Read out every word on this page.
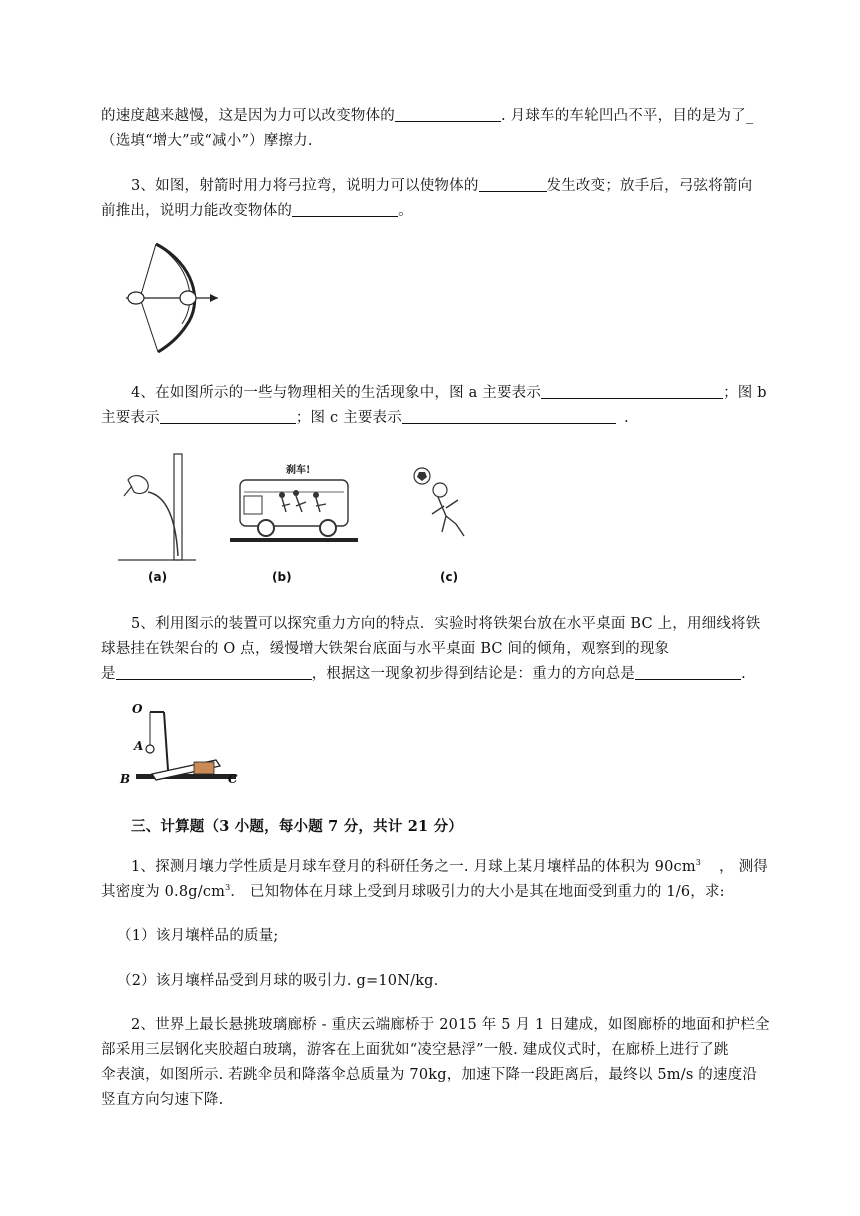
的速度越来越慢，这是因为力可以改变物体的	. 月球车的车轮凹凸不平，目的是为了_
（选填“增大”或“减小”）摩擦力.
3、如图，射箭时用力将弓拉弯，说明力可以使物体的	发生改变；放手后，弓弦将箭向
前推出，说明力能改变物体的	。
4、在如图所示的一些与物理相关的生活现象中，图 a 主要表示	；图 b
主要表示	；图 c 主要表示	.
刹车!
(a)	(b)	(c)
5、利用图示的装置可以探究重力方向的特点．实验时将铁架台放在水平桌面 BC 上，用细线将铁
球悬挂在铁架台的 O 点，缓慢增大铁架台底面与水平桌面 BC 间的倾角，观察到的现象
是	，根据这一现象初步得到结论是：重力的方向总是	.
O
A
B	C
三、计算题（3 小题，每小题 7 分，共计 21 分）
1、探测月壤力学性质是月球车登月的科研任务之一. 月球上某月壤样品的体积为 $90cm^3$ ， 测得
其密度为 $0.8g/cm^3$． 已知物体在月球上受到月球吸引力的大小是其在地面受到重力的 1/6，求:
（1）该月壤样品的质量;
（2）该月壤样品受到月球的吸引力. g=10N/kg.
2、世界上最长悬挑玻璃廊桥 - 重庆云端廊桥于 2015 年 5 月 1 日建成，如图廊桥的地面和护栏全
部采用三层钢化夹胶超白玻璃，游客在上面犹如“凌空悬浮”一般. 建成仪式时，在廊桥上进行了跳
伞表演，如图所示. 若跳伞员和降落伞总质量为 70kg，加速下降一段距离后，最终以 5m/s 的速度沿
竖直方向匀速下降.
